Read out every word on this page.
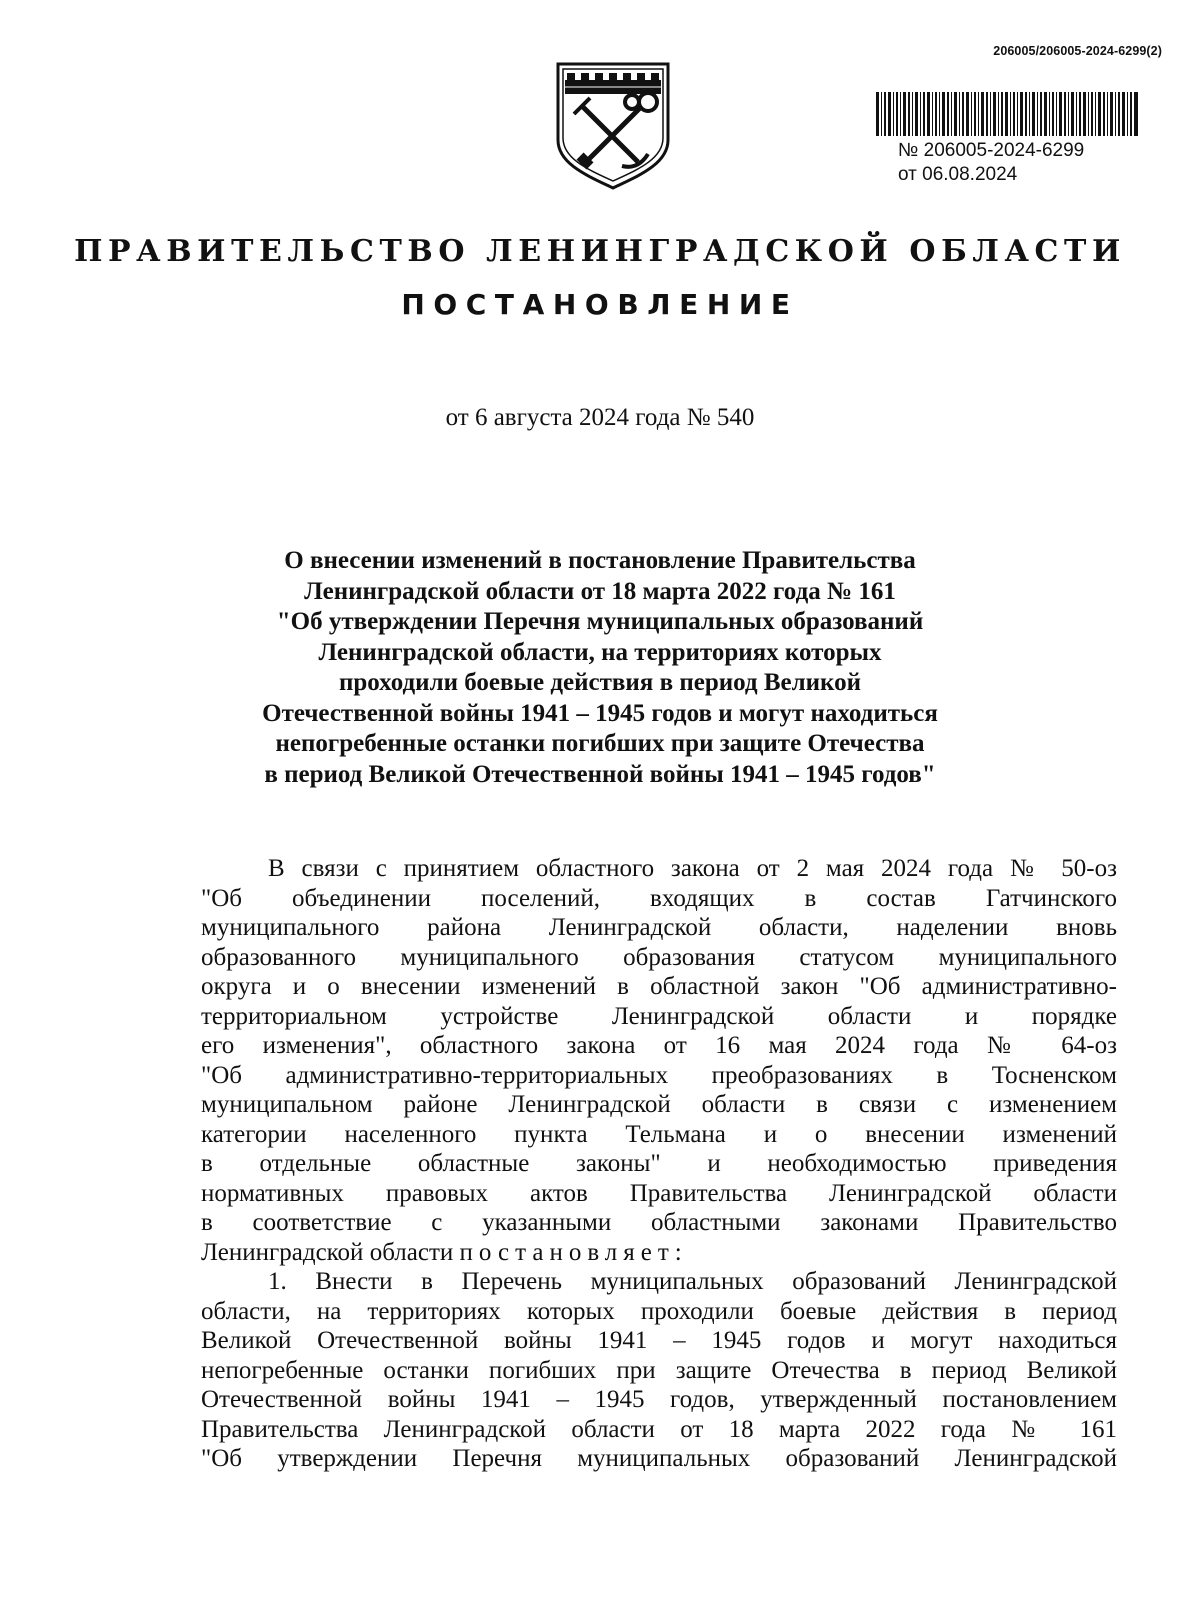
206005/206005-2024-6299(2)
№ 206005-2024-6299
от 06.08.2024
ПРАВИТЕЛЬСТВО ЛЕНИНГРАДСКОЙ ОБЛАСТИ
ПОСТАНОВЛЕНИЕ
от 6 августа 2024 года № 540
О внесении изменений в постановление Правительства
Ленинградской области от 18 марта 2022 года № 161
"Об утверждении Перечня муниципальных образований
Ленинградской области, на территориях которых
проходили боевые действия в период Великой
Отечественной войны 1941 – 1945 годов и могут находиться
непогребенные останки погибших при защите Отечества
в период Великой Отечественной войны 1941 – 1945 годов"
В связи с принятием областного закона от 2 мая 2024 года № 50-оз
"Об объединении поселений, входящих в состав Гатчинского
муниципального района Ленинградской области, наделении вновь
образованного муниципального образования статусом муниципального
округа и о внесении изменений в областной закон "Об административно-
территориальном устройстве Ленинградской области и порядке
его изменения", областного закона от 16 мая 2024 года № 64-оз
"Об административно-территориальных преобразованиях в Тосненском
муниципальном районе Ленинградской области в связи с изменением
категории населенного пункта Тельмана и о внесении изменений
в отдельные областные законы" и необходимостью приведения
нормативных правовых актов Правительства Ленинградской области
в соответствие с указанными областными законами Правительство
Ленинградской области постановляет:
1. Внести в Перечень муниципальных образований Ленинградской
области, на территориях которых проходили боевые действия в период
Великой Отечественной войны 1941 – 1945 годов и могут находиться
непогребенные останки погибших при защите Отечества в период Великой
Отечественной войны 1941 – 1945 годов, утвержденный постановлением
Правительства Ленинградской области от 18 марта 2022 года № 161
"Об утверждении Перечня муниципальных образований Ленинградской
